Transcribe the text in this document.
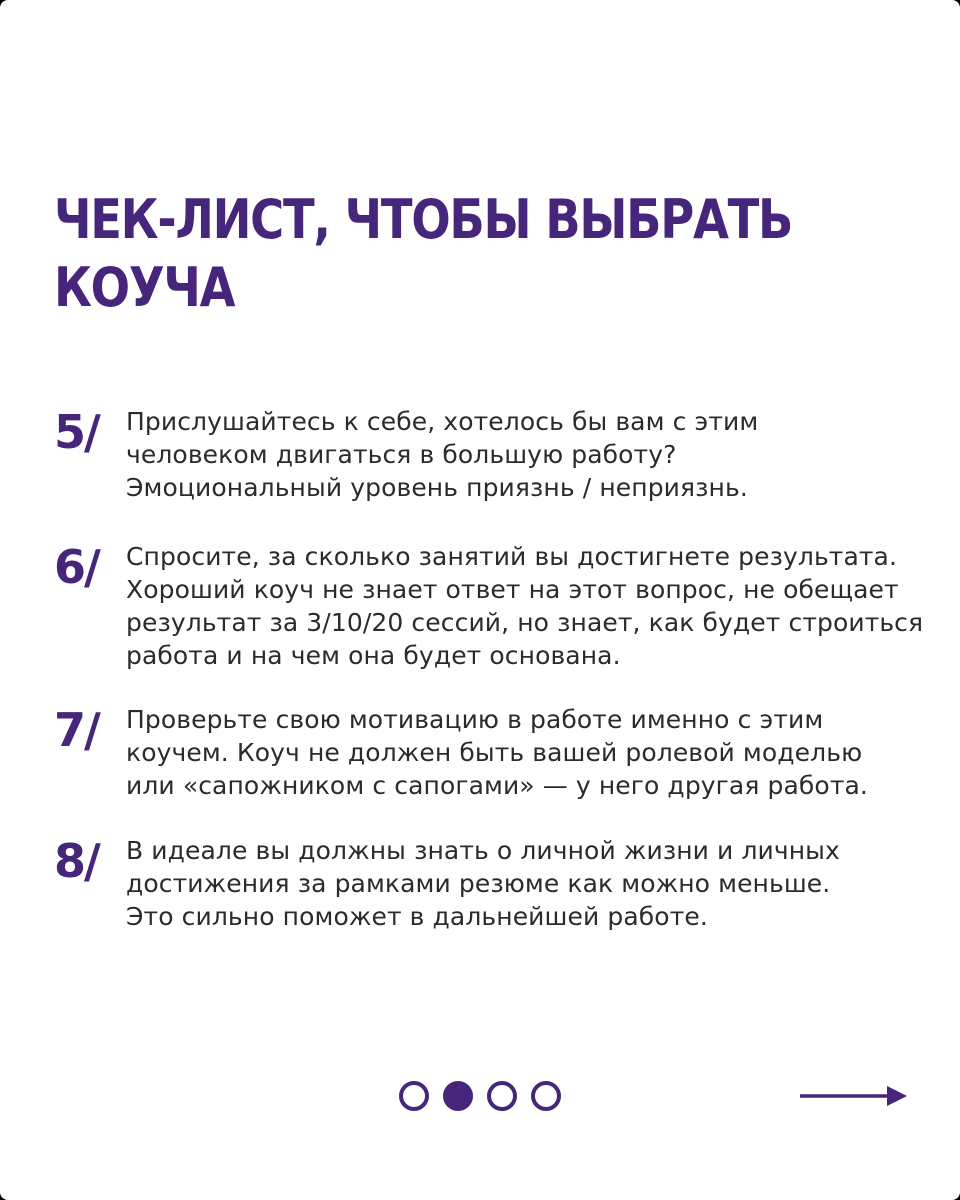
ЧЕК-ЛИСТ, ЧТОБЫ ВЫБРАТЬ
КОУЧА
5/ Прислушайтесь к себе, хотелось бы вам с этим
человеком двигаться в большую работу?
Эмоциональный уровень приязнь / неприязнь.
6/ Спросите, за сколько занятий вы достигнете результата.
Хороший коуч не знает ответ на этот вопрос, не обещает
результат за 3/10/20 сессий, но знает, как будет строиться
работа и на чем она будет основана.
7/ Проверьте свою мотивацию в работе именно с этим
коучем. Коуч не должен быть вашей ролевой моделью
или «сапожником с сапогами» — у него другая работа.
8/ В идеале вы должны знать о личной жизни и личных
достижения за рамками резюме как можно меньше.
Это сильно поможет в дальнейшей работе.
